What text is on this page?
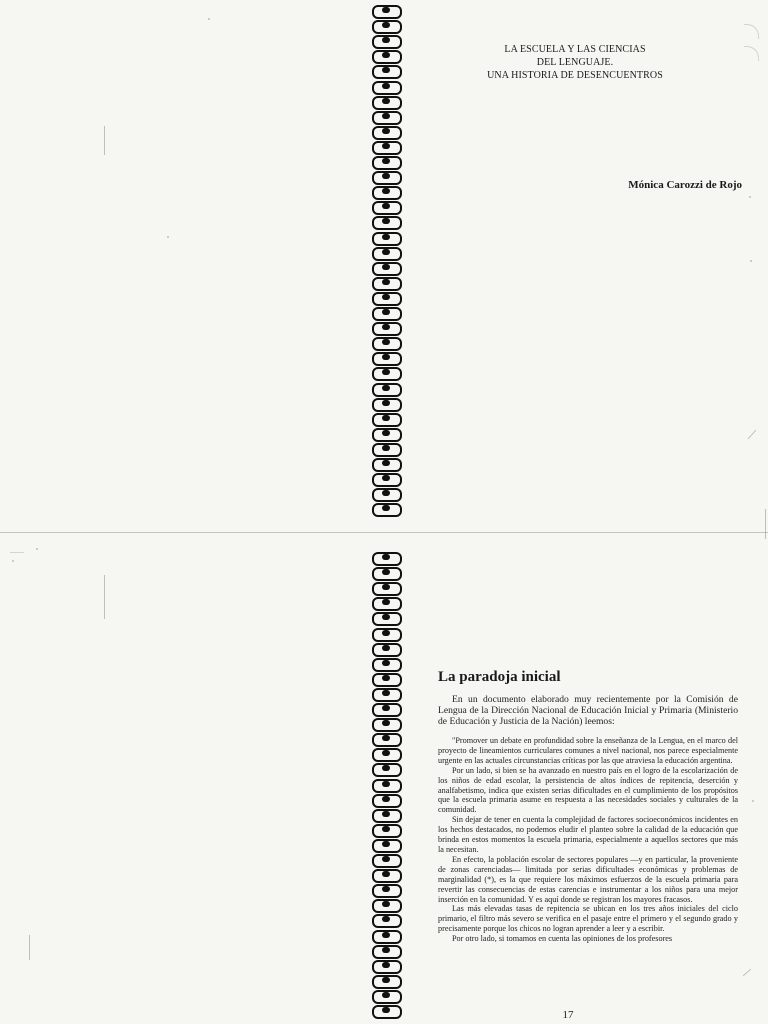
LA ESCUELA Y LAS CIENCIAS
DEL LENGUAJE.
UNA HISTORIA DE DESENCUENTROS
Mónica Carozzi de Rojo
La paradoja inicial

En un documento elaborado muy recientemente por la Comisión de Lengua de la Dirección Nacional de Educación Inicial y Primaria (Ministerio de Educación y Justicia de la Nación) leemos:

"Promover un debate en profundidad sobre la enseñanza de la Lengua, en el marco del proyecto de lineamientos curriculares comunes a nivel nacional, nos parece especialmente urgente en las actuales circunstancias críticas por las que atraviesa la educación argentina.

Por un lado, si bien se ha avanzado en nuestro país en el logro de la escolarización de los niños de edad escolar, la persistencia de altos índices de repitencia, deserción y analfabetismo, indica que existen serias dificultades en el cumplimiento de los propósitos que la escuela primaria asume en respuesta a las necesidades sociales y culturales de la comunidad.

Sin dejar de tener en cuenta la complejidad de factores socioeconómicos incidentes en los hechos destacados, no podemos eludir el planteo sobre la calidad de la educación que brinda en estos momentos la escuela primaria, especialmente a aquellos sectores que más la necesitan.

En efecto, la población escolar de sectores populares —y en particular, la proveniente de zonas carenciadas— limitada por serias dificultades económicas y problemas de marginalidad (*), es la que requiere los máximos esfuerzos de la escuela primaria para revertir las consecuencias de estas carencias e instrumentar a los niños para una mejor inserción en la comunidad. Y es aquí donde se registran los mayores fracasos.

Las más elevadas tasas de repitencia se ubican en los tres años iniciales del ciclo primario, el filtro más severo se verifica en el pasaje entre el primero y el segundo grado y precisamente porque los chicos no logran aprender a leer y a escribir.

Por otro lado, si tomamos en cuenta las opiniones de los profesores

17
